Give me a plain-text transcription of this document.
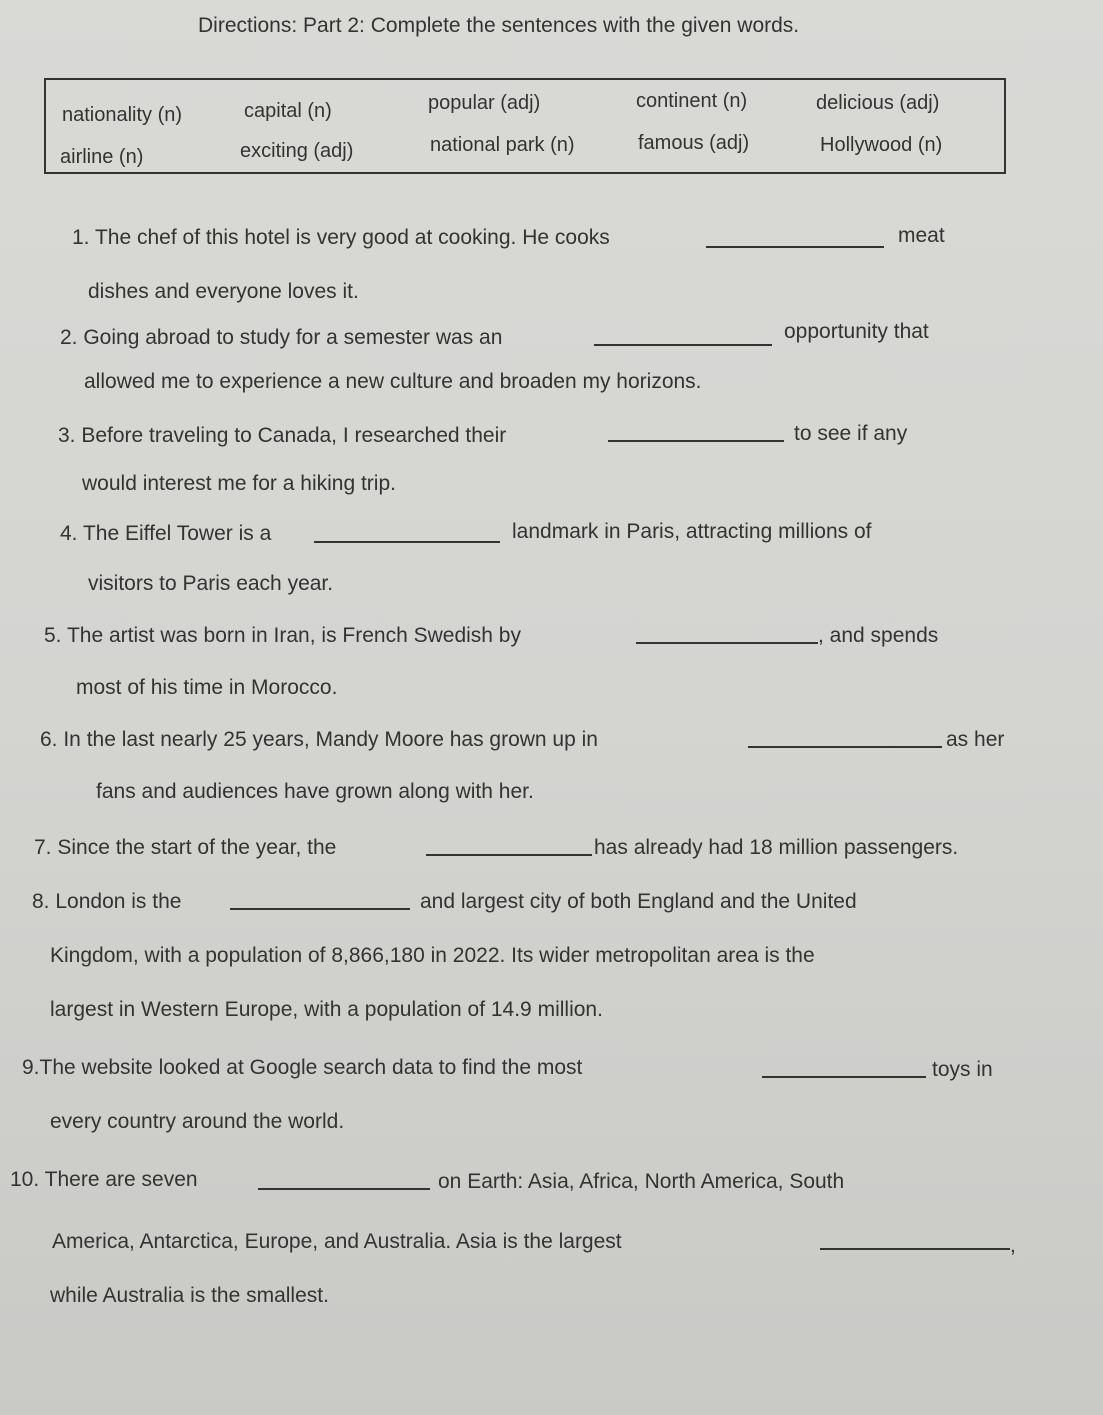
Directions: Part 2: Complete the sentences with the given words.
nationality (n)	capital (n)	popular (adj)	continent (n)	delicious (adj)
airline (n)	exciting (adj)	national park (n)	famous (adj)	Hollywood (n)
1. The chef of this hotel is very good at cooking. He cooks	meat
dishes and everyone loves it.
2. Going abroad to study for a semester was an	opportunity that
allowed me to experience a new culture and broaden my horizons.
3. Before traveling to Canada, I researched their	to see if any
would interest me for a hiking trip.
4. The Eiffel Tower is a	landmark in Paris, attracting millions of
visitors to Paris each year.
5. The artist was born in Iran, is French Swedish by	, and spends
most of his time in Morocco.
6. In the last nearly 25 years, Mandy Moore has grown up in	as her
fans and audiences have grown along with her.
7. Since the start of the year, the	has already had 18 million passengers.
8. London is the	and largest city of both England and the United
Kingdom, with a population of 8,866,180 in 2022. Its wider metropolitan area is the
largest in Western Europe, with a population of 14.9 million.
9.The website looked at Google search data to find the most	toys in
every country around the world.
10. There are seven	on Earth: Asia, Africa, North America, South
America, Antarctica, Europe, and Australia. Asia is the largest	,
while Australia is the smallest.
